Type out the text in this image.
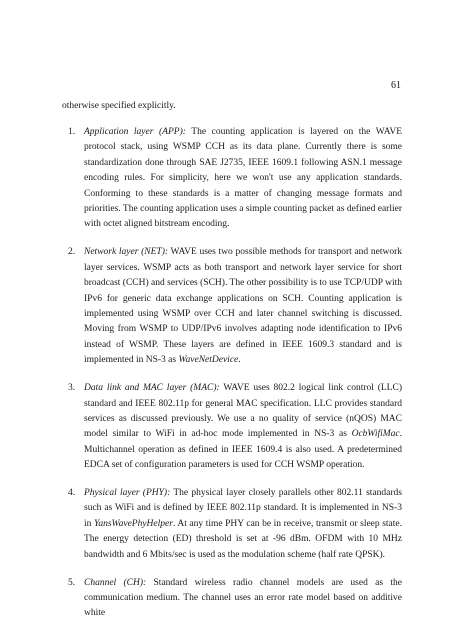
61
otherwise specified explicitly.
1. Application layer (APP): The counting application is layered on the WAVE protocol stack, using WSMP CCH as its data plane. Currently there is some standardization done through SAE J2735, IEEE 1609.1 following ASN.1 message encoding rules. For simplicity, here we won't use any application standards. Conforming to these standards is a matter of changing message formats and priorities. The counting application uses a simple counting packet as defined earlier with octet aligned bitstream encoding.
2. Network layer (NET): WAVE uses two possible methods for transport and network layer services. WSMP acts as both transport and network layer service for short broadcast (CCH) and services (SCH). The other possibility is to use TCP/UDP with IPv6 for generic data exchange applications on SCH. Counting application is implemented using WSMP over CCH and later channel switching is discussed. Moving from WSMP to UDP/IPv6 involves adapting node identification to IPv6 instead of WSMP. These layers are defined in IEEE 1609.3 standard and is implemented in NS-3 as WaveNetDevice.
3. Data link and MAC layer (MAC): WAVE uses 802.2 logical link control (LLC) standard and IEEE 802.11p for general MAC specification. LLC provides standard services as discussed previously. We use a no quality of service (nQOS) MAC model similar to WiFi in ad-hoc mode implemented in NS-3 as OcbWifiMac. Multichannel operation as defined in IEEE 1609.4 is also used. A predetermined EDCA set of configuration parameters is used for CCH WSMP operation.
4. Physical layer (PHY): The physical layer closely parallels other 802.11 standards such as WiFi and is defined by IEEE 802.11p standard. It is implemented in NS-3 in YansWavePhyHelper. At any time PHY can be in receive, transmit or sleep state. The energy detection (ED) threshold is set at -96 dBm. OFDM with 10 MHz bandwidth and 6 Mbits/sec is used as the modulation scheme (half rate QPSK).
5. Channel (CH): Standard wireless radio channel models are used as the communication medium. The channel uses an error rate model based on additive white
